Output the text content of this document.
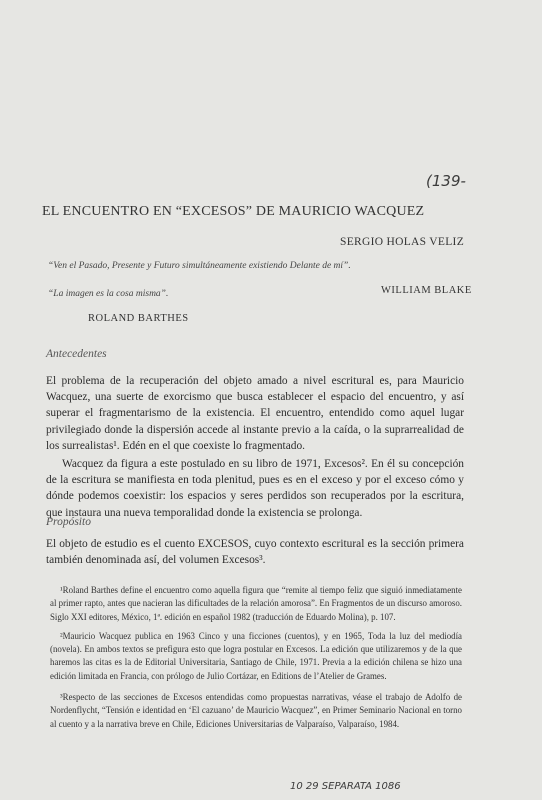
(139-
EL ENCUENTRO EN “EXCESOS” DE MAURICIO WACQUEZ
SERGIO HOLAS VELIZ
“Ven el Pasado, Presente y Futuro simultáneamente existiendo Delante de mí”.
WILLIAM BLAKE
“La imagen es la cosa misma”.
ROLAND BARTHES
Antecedentes

El problema de la recuperación del objeto amado a nivel escritural es, para Mauricio Wacquez, una suerte de exorcismo que busca establecer el espacio del encuentro, y así superar el fragmentarismo de la existencia. El encuentro, entendido como aquel lugar privilegiado donde la dispersión accede al instante previo a la caída, o la suprarrealidad de los surrealistas¹. Edén en el que coexiste lo fragmentado.

Wacquez da figura a este postulado en su libro de 1971, Excesos². En él su concepción de la escritura se manifiesta en toda plenitud, pues es en el exceso y por el exceso cómo y dónde podemos coexistir: los espacios y seres perdidos son recuperados por la escritura, que instaura una nueva temporalidad donde la existencia se prolonga.

Propósito

El objeto de estudio es el cuento EXCESOS, cuyo contexto escritural es la sección primera también denominada así, del volumen Excesos³.

¹Roland Barthes define el encuentro como aquella figura que “remite al tiempo feliz que siguió inmediatamente al primer rapto, antes que nacieran las dificultades de la relación amorosa”. En Fragmentos de un discurso amoroso. Siglo XXI editores, México, 1ª. edición en español 1982 (traducción de Eduardo Molina), p. 107.

²Mauricio Wacquez publica en 1963 Cinco y una ficciones (cuentos), y en 1965, Toda la luz del mediodía (novela). En ambos textos se prefigura esto que logra postular en Excesos. La edición que utilizaremos y de la que haremos las citas es la de Editorial Universitaria, Santiago de Chile, 1971. Previa a la edición chilena se hizo una edición limitada en Francia, con prólogo de Julio Cortázar, en Editions de l’Atelier de Grames.

³Respecto de las secciones de Excesos entendidas como propuestas narrativas, véase el trabajo de Adolfo de Nordenflycht, “Tensión e identidad en ‘El cazuano’ de Mauricio Wacquez”, en Primer Seminario Nacional en torno al cuento y a la narrativa breve en Chile, Ediciones Universitarias de Valparaíso, Valparaíso, 1984.

10 29 SEPARATA 1086
